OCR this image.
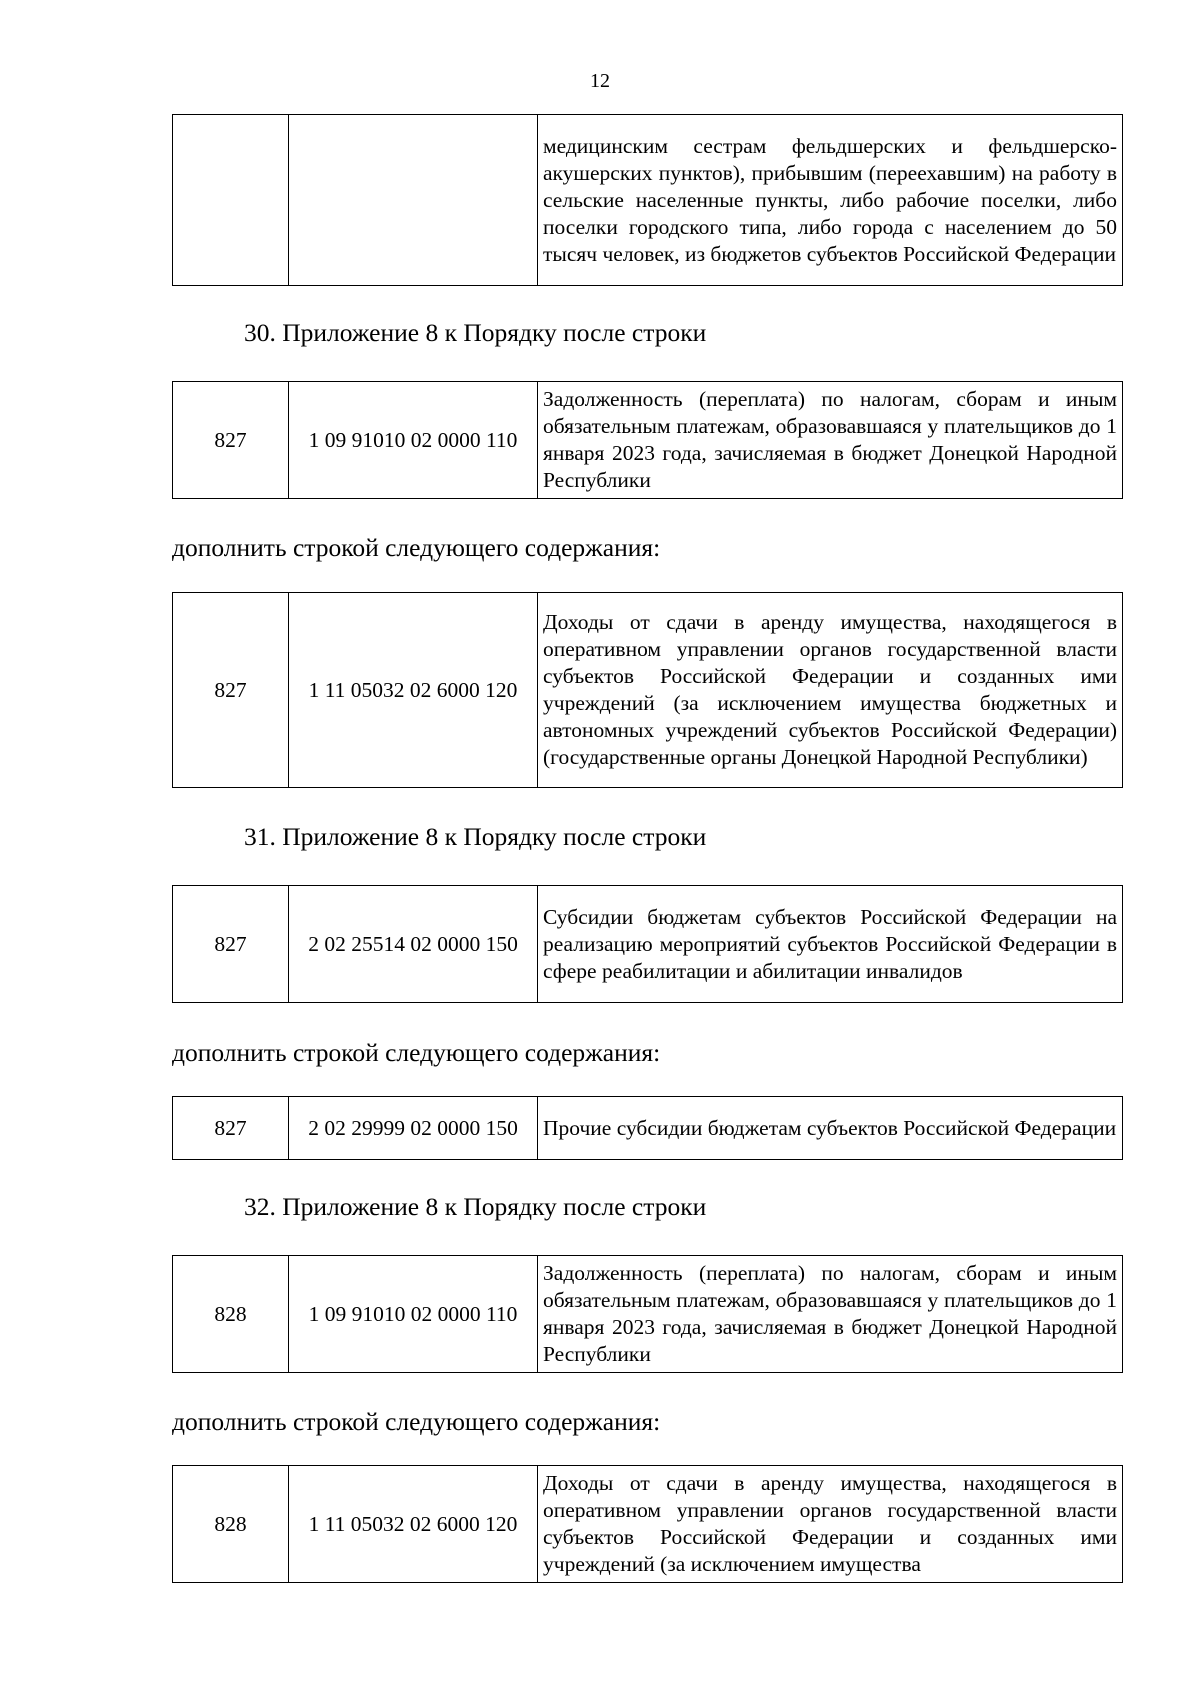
12
		медицинским сестрам фельдшерских и фельдшерско-акушерских пунктов), прибывшим (переехавшим) на работу в сельские населенные пункты, либо рабочие поселки, либо поселки городского типа, либо города с населением до 50 тысяч человек, из бюджетов субъектов Российской Федерации
30. Приложение 8 к Порядку после строки
827	1 09 91010 02 0000 110	Задолженность (переплата) по налогам, сборам и иным обязательным платежам, образовавшаяся у плательщиков до 1 января 2023 года, зачисляемая в бюджет Донецкой Народной Республики
дополнить строкой следующего содержания:
827	1 11 05032 02 6000 120	Доходы от сдачи в аренду имущества, находящегося в оперативном управлении органов государственной власти субъектов Российской Федерации и созданных ими учреждений (за исключением имущества бюджетных и автономных учреждений субъектов Российской Федерации) (государственные органы Донецкой Народной Республики)
31. Приложение 8 к Порядку после строки
827	2 02 25514 02 0000 150	Субсидии бюджетам субъектов Российской Федерации на реализацию мероприятий субъектов Российской Федерации в сфере реабилитации и абилитации инвалидов
дополнить строкой следующего содержания:
827	2 02 29999 02 0000 150	Прочие субсидии бюджетам субъектов Российской Федерации
32. Приложение 8 к Порядку после строки
828	1 09 91010 02 0000 110	Задолженность (переплата) по налогам, сборам и иным обязательным платежам, образовавшаяся у плательщиков до 1 января 2023 года, зачисляемая в бюджет Донецкой Народной Республики
дополнить строкой следующего содержания:
828	1 11 05032 02 6000 120	Доходы от сдачи в аренду имущества, находящегося в оперативном управлении органов государственной власти субъектов Российской Федерации и созданных ими учреждений (за исключением имущества
